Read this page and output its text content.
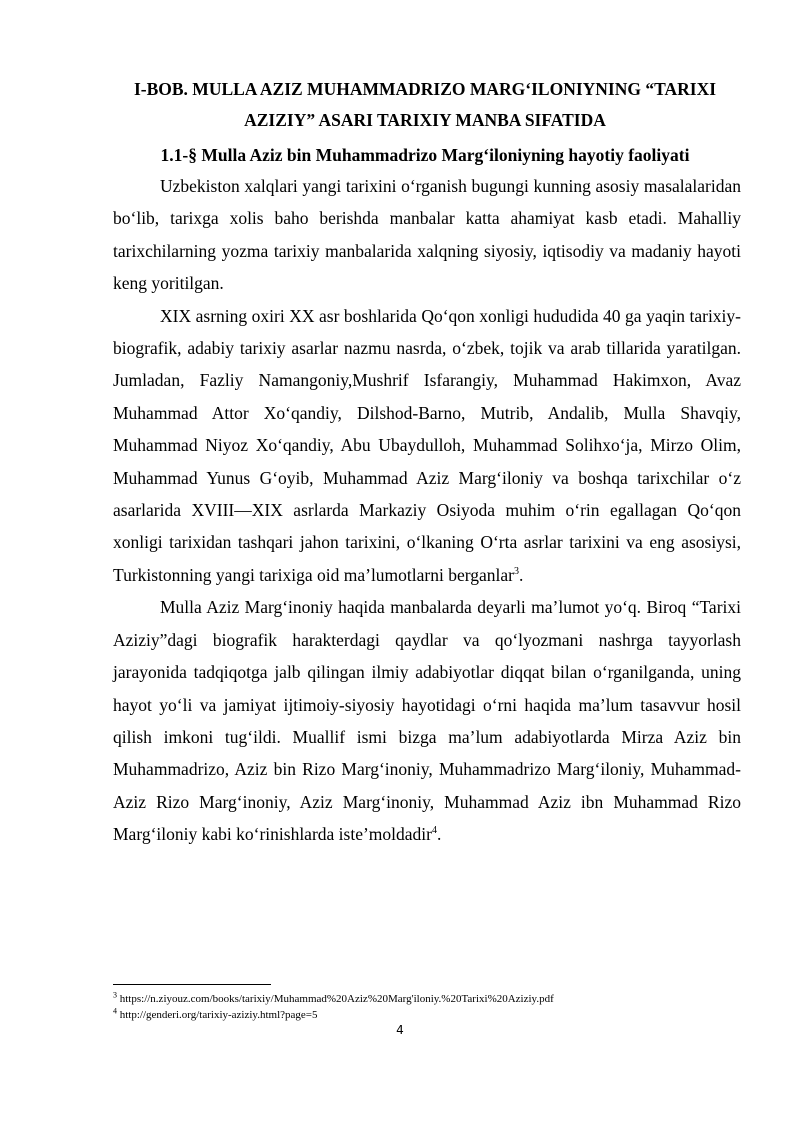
I-BOB. MULLA AZIZ MUHAMMADRIZO MARG‘ILONIYNING “TARIXI AZIZIY” ASARI TARIXIY MANBA SIFATIDA
1.1-§ Mulla Aziz bin Muhammadrizo Marg‘iloniyning hayotiy faoliyati

Uzbekiston xalqlari yangi tarixini o‘rganish bugungi kunning asosiy masalalaridan bo‘lib, tarixga xolis baho berishda manbalar katta ahamiyat kasb etadi. Mahalliy tarixchilarning yozma tarixiy manbalarida xalqning siyosiy, iqtisodiy va madaniy hayoti keng yoritilgan.

XIX asrning oxiri XX asr boshlarida Qo‘qon xonligi hududida 40 ga yaqin tarixiy-biografik, adabiy tarixiy asarlar nazmu nasrda, o‘zbek, tojik va arab tillarida yaratilgan. Jumladan, Fazliy Namangoniy,Mushrif Isfarangiy, Muhammad Hakimxon, Avaz Muhammad Attor Xo‘qandiy, Dilshod-Barno, Mutrib, Andalib, Mulla Shavqiy, Muhammad Niyoz Xo‘qandiy, Abu Ubaydulloh, Muhammad Solihxo‘ja, Mirzo Olim, Muhammad Yunus G‘oyib, Muhammad Aziz Marg‘iloniy va boshqa tarixchilar o‘z asarlarida XVIII—XIX asrlarda Markaziy Osiyoda muhim o‘rin egallagan Qo‘qon xonligi tarixidan tashqari jahon tarixini, o‘lkaning O‘rta asrlar tarixini va eng asosiysi, Turkistonning yangi tarixiga oid ma’lumotlarni berganlar$^3$.

Mulla Aziz Marg‘inoniy haqida manbalarda deyarli ma’lumot yo‘q. Biroq “Tarixi Aziziy”dagi biografik harakterdagi qaydlar va qo‘lyozmani nashrga tayyorlash jarayonida tadqiqotga jalb qilingan ilmiy adabiyotlar diqqat bilan o‘rganilganda, uning hayot yo‘li va jamiyat ijtimoiy-siyosiy hayotidagi o‘rni haqida ma’lum tasavvur hosil qilish imkoni tug‘ildi. Muallif ismi bizga ma’lum adabiyotlarda Mirza Aziz bin Muhammadrizo, Aziz bin Rizo Marg‘inoniy, Muhammadrizo Marg‘iloniy, Muhammad-Aziz Rizo Marg‘inoniy, Aziz Marg‘inoniy, Muhammad Aziz ibn Muhammad Rizo Marg‘iloniy kabi ko‘rinishlarda iste’moldadir$^4$.

$^3$ https://n.ziyouz.com/books/tarixiy/Muhammad%20Aziz%20Marg'iloniy.%20Tarixi%20Aziziy.pdf
$^4$ http://genderi.org/tarixiy-aziziy.html?page=5
4
